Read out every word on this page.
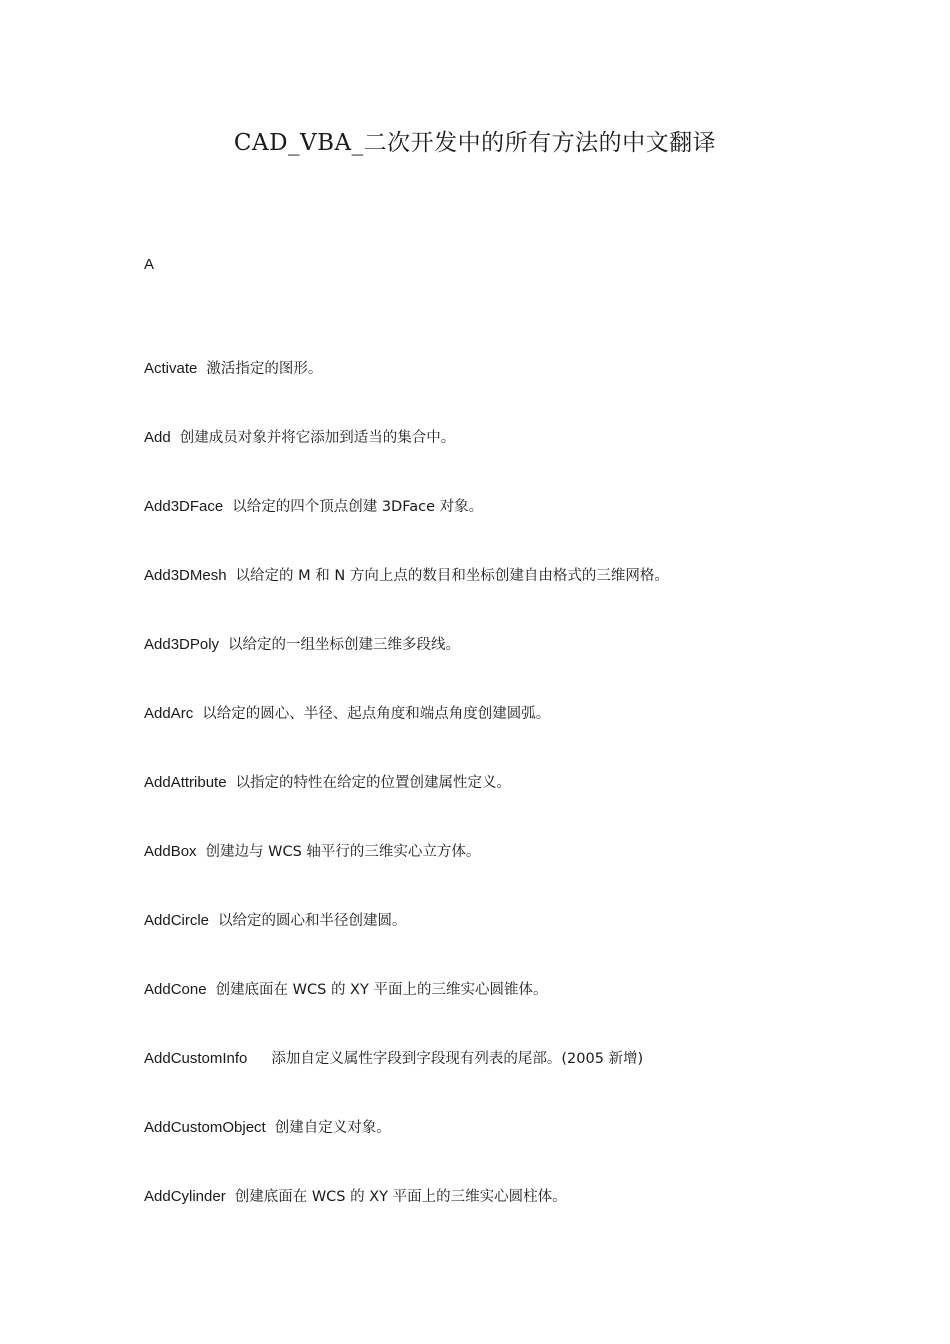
CAD_VBA_二次开发中的所有方法的中文翻译
A
Activate 激活指定的图形。
Add 创建成员对象并将它添加到适当的集合中。
Add3DFace 以给定的四个顶点创建 3DFace 对象。
Add3DMesh 以给定的 M 和 N 方向上点的数目和坐标创建自由格式的三维网格。
Add3DPoly 以给定的一组坐标创建三维多段线。
AddArc 以给定的圆心、半径、起点角度和端点角度创建圆弧。
AddAttribute 以指定的特性在给定的位置创建属性定义。
AddBox 创建边与 WCS 轴平行的三维实心立方体。
AddCircle 以给定的圆心和半径创建圆。
AddCone 创建底面在 WCS 的 XY 平面上的三维实心圆锥体。
AddCustomInfo 添加自定义属性字段到字段现有列表的尾部。(2005 新增)
AddCustomObject 创建自定义对象。
AddCylinder 创建底面在 WCS 的 XY 平面上的三维实心圆柱体。
